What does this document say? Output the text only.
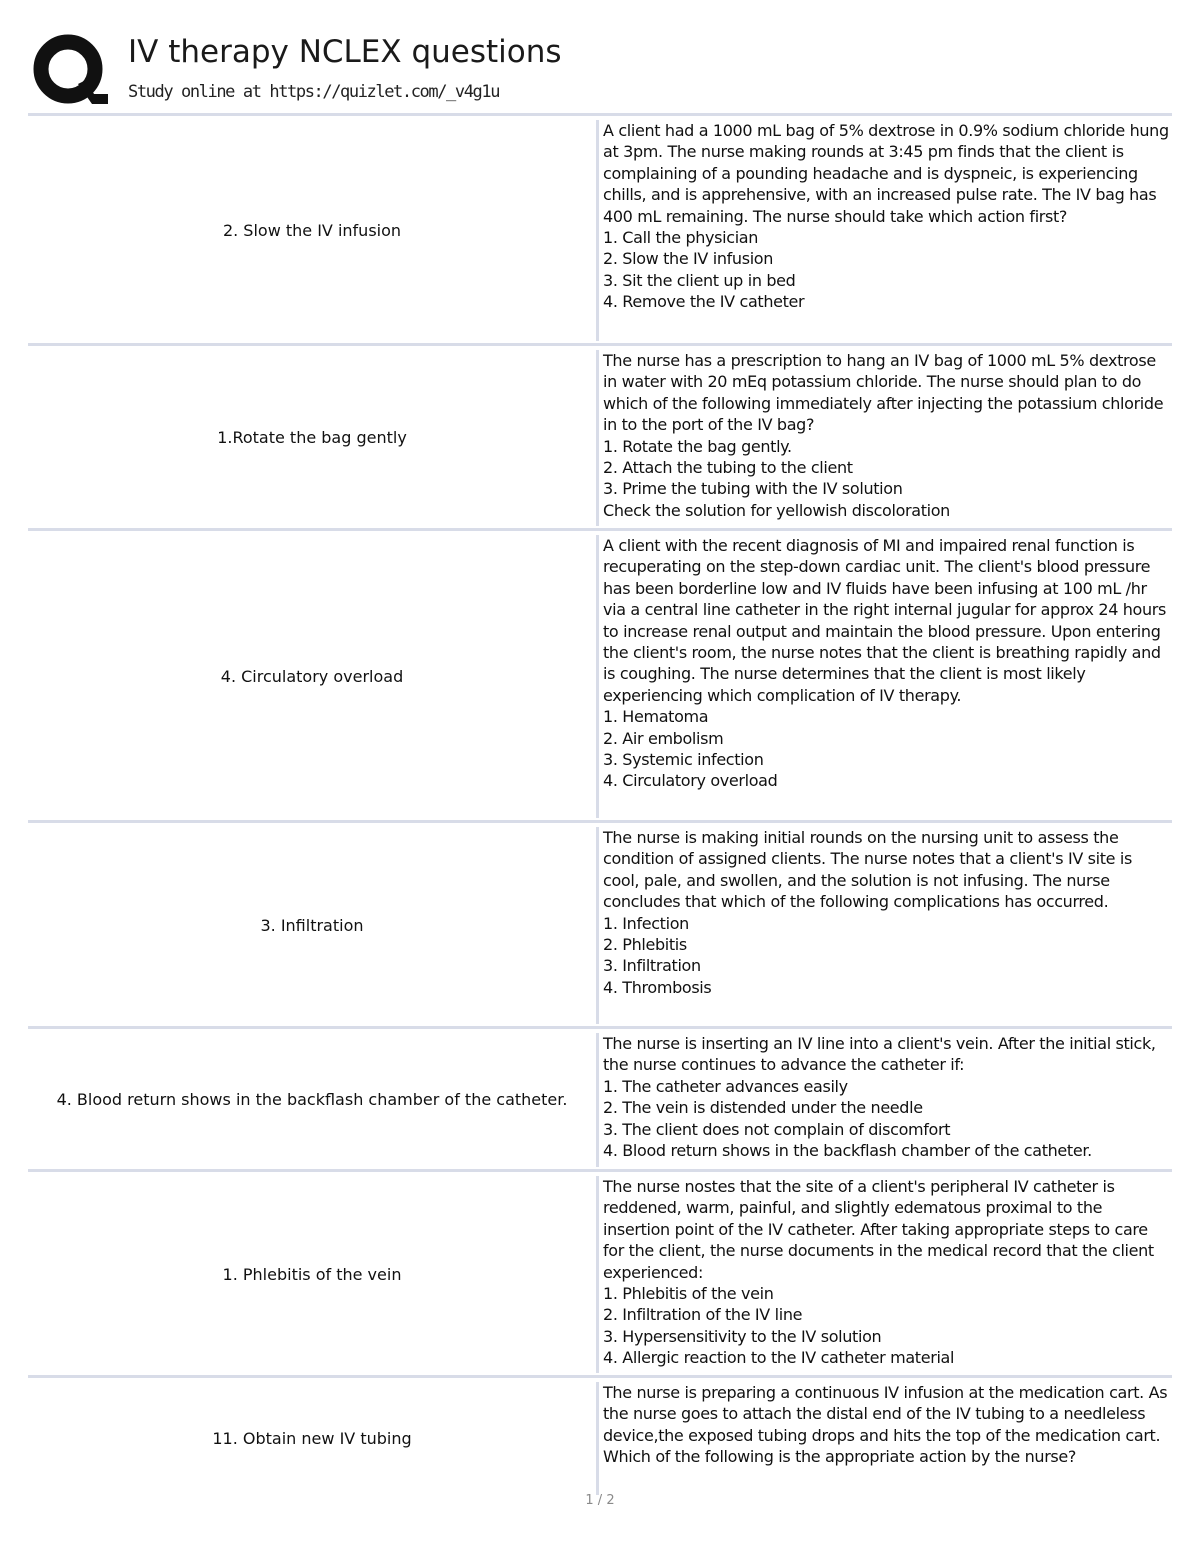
IV therapy NCLEX questions
Study online at https://quizlet.com/_v4g1u
2. Slow the IV infusion
A client had a 1000 mL bag of 5% dextrose in 0.9% sodium chloride hung at 3pm. The nurse making rounds at 3:45 pm finds that the client is complaining of a pounding headache and is dyspneic, is experiencing chills, and is apprehensive, with an increased pulse rate. The IV bag has 400 mL remaining. The nurse should take which action first?
1. Call the physician
2. Slow the IV infusion
3. Sit the client up in bed
4. Remove the IV catheter
1.Rotate the bag gently
The nurse has a prescription to hang an IV bag of 1000 mL 5% dextrose in water with 20 mEq potassium chloride. The nurse should plan to do which of the following immediately after injecting the potassium chloride in to the port of the IV bag?
1. Rotate the bag gently.
2. Attach the tubing to the client
3. Prime the tubing with the IV solution
Check the solution for yellowish discoloration
4. Circulatory overload
A client with the recent diagnosis of MI and impaired renal function is recuperating on the step-down cardiac unit. The client's blood pressure has been borderline low and IV fluids have been infusing at 100 mL /hr via a central line catheter in the right internal jugular for approx 24 hours to increase renal output and maintain the blood pressure. Upon entering the client's room, the nurse notes that the client is breathing rapidly and is coughing. The nurse determines that the client is most likely experiencing which complication of IV therapy.
1. Hematoma
2. Air embolism
3. Systemic infection
4. Circulatory overload
3. Infiltration
The nurse is making initial rounds on the nursing unit to assess the condition of assigned clients. The nurse notes that a client's IV site is cool, pale, and swollen, and the solution is not infusing. The nurse concludes that which of the following complications has occurred.
1. Infection
2. Phlebitis
3. Infiltration
4. Thrombosis
4. Blood return shows in the backflash chamber of the catheter.
The nurse is inserting an IV line into a client's vein. After the initial stick, the nurse continues to advance the catheter if:
1. The catheter advances easily
2. The vein is distended under the needle
3. The client does not complain of discomfort
4. Blood return shows in the backflash chamber of the catheter.
1. Phlebitis of the vein
The nurse nostes that the site of a client's peripheral IV catheter is reddened, warm, painful, and slightly edematous proximal to the insertion point of the IV catheter. After taking appropriate steps to care for the client, the nurse documents in the medical record that the client experienced:
1. Phlebitis of the vein
2. Infiltration of the IV line
3. Hypersensitivity to the IV solution
4. Allergic reaction to the IV catheter material
11. Obtain new IV tubing
The nurse is preparing a continuous IV infusion at the medication cart. As the nurse goes to attach the distal end of the IV tubing to a needleless device,the exposed tubing drops and hits the top of the medication cart. Which of the following is the appropriate action by the nurse?
1 / 2
